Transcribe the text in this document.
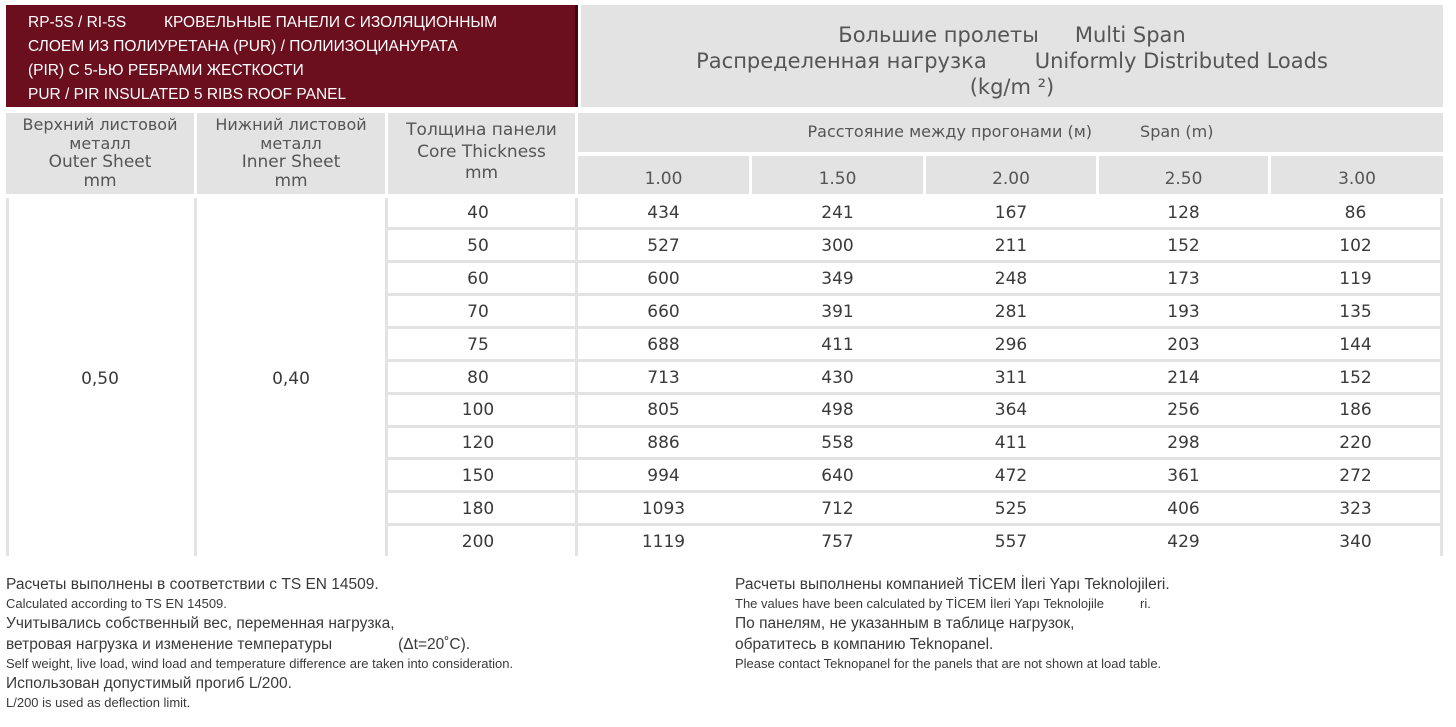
RP-5S / RI-5S КРОВЕЛЬНЫЕ ПАНЕЛИ С ИЗОЛЯЦИОННЫМ
СЛОЕМ ИЗ ПОЛИУРЕТАНА (PUR) / ПОЛИИЗОЦИАНУРАТА
(PIR) С 5-ЬЮ РЕБРАМИ ЖЕСТКОСТИ
PUR / PIR INSULATED 5 RIBS ROOF PANEL
Большие пролеты Multi Span
Распределенная нагрузка Uniformly Distributed Loads
(kg/m ²)
Верхний листовой металл
Outer Sheet
mm
Нижний листовой металл
Inner Sheet
mm
Толщина панели
Core Thickness
mm
Расстояние между прогонами (м)	Span (m)
1.00	1.50	2.00	2.50	3.00
0,50	0,40
40	434	241	167	128	86
50	527	300	211	152	102
60	600	349	248	173	119
70	660	391	281	193	135
75	688	411	296	203	144
80	713	430	311	214	152
100	805	498	364	256	186
120	886	558	411	298	220
150	994	640	472	361	272
180	1093	712	525	406	323
200	1119	757	557	429	340
Расчеты выполнены в соответствии с TS EN 14509.
Calculated according to TS EN 14509.
Учитывались собственный вес, переменная нагрузка,
ветровая нагрузка и изменение температуры	(Δt=20˚C).
Self weight, live load, wind load and temperature difference are taken into consideration.
Использован допустимый прогиб L/200.
L/200 is used as deflection limit.
Расчеты выполнены компанией TİCEM İleri Yapı Teknolojileri.
The values have been calculated by TİCEM İleri Yapı Teknolojile	ri.
По панелям, не указанным в таблице нагрузок,
обратитесь в компанию Teknopanel.
Please contact Teknopanel for the panels that are not shown at load table.
